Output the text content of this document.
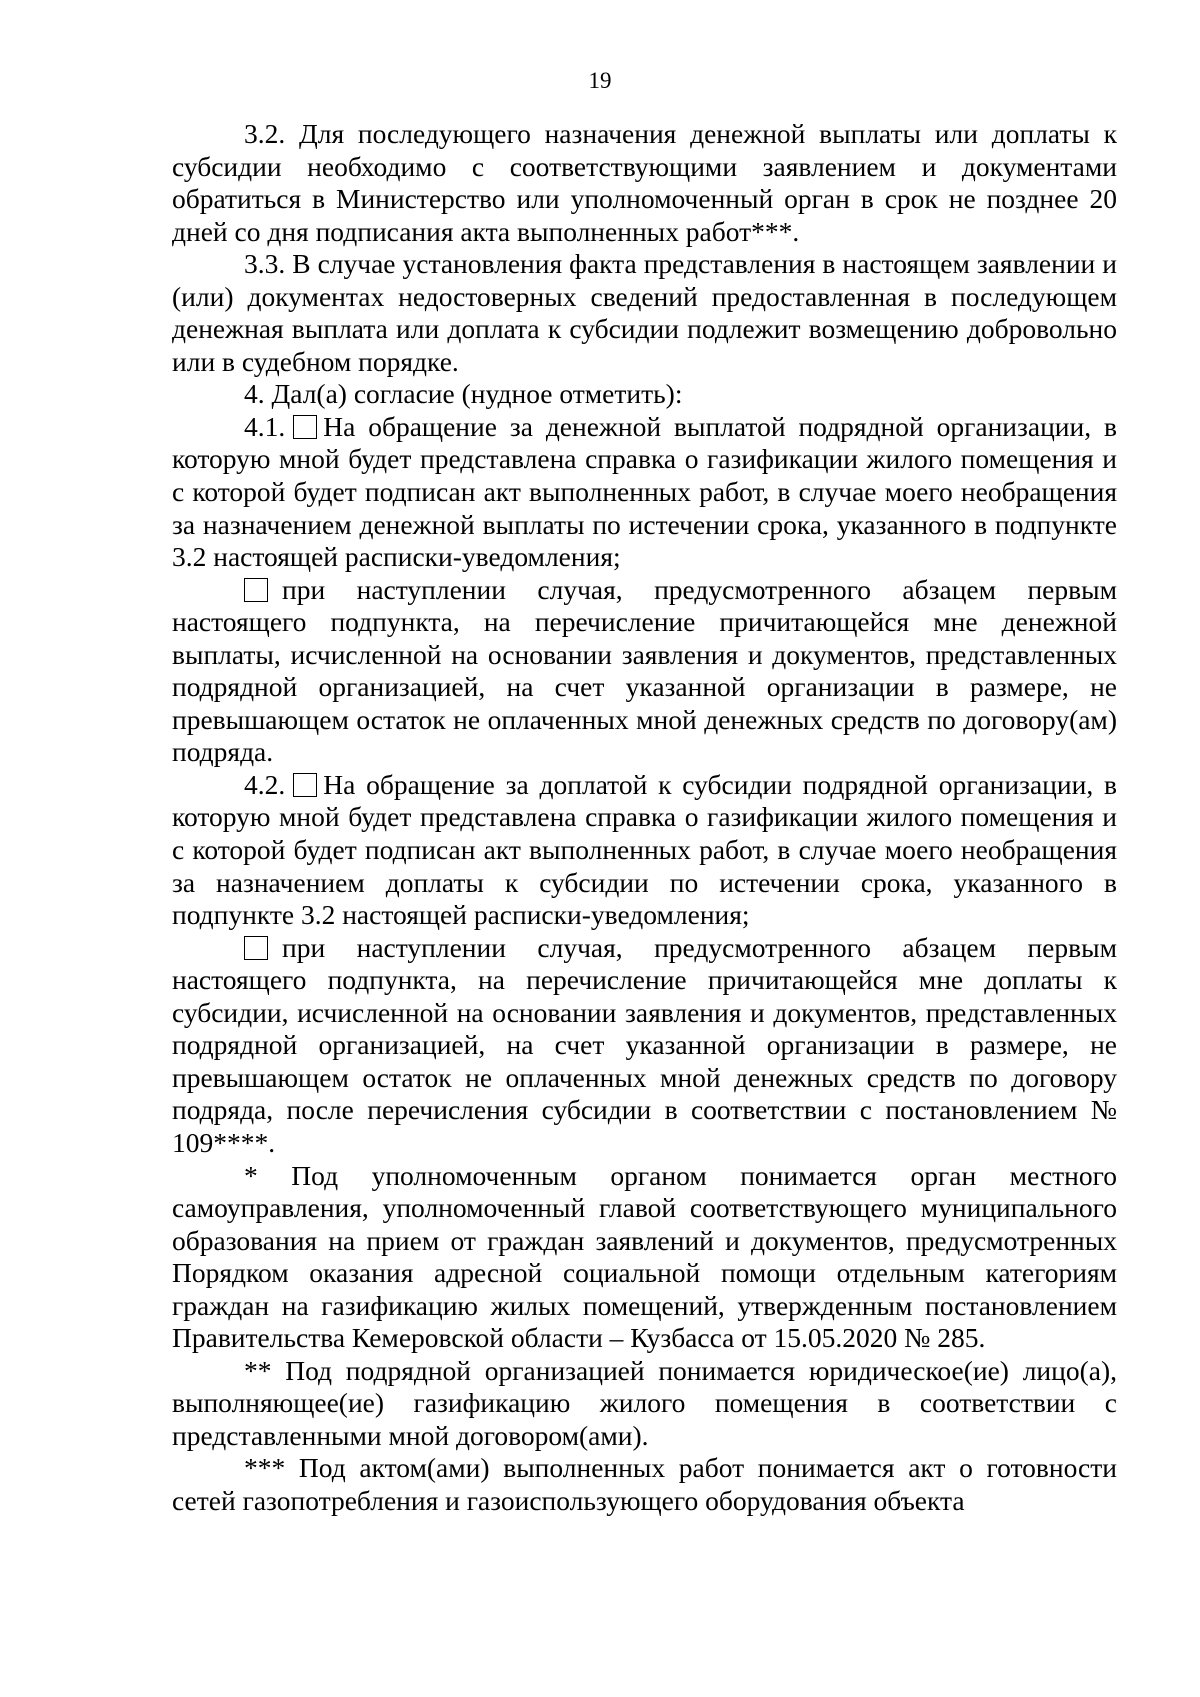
19

3.2. Для последующего назначения денежной выплаты или доплаты к субсидии необходимо с соответствующими заявлением и документами обратиться в Министерство или уполномоченный орган в срок не позднее 20 дней со дня подписания акта выполненных работ***.

3.3. В случае установления факта представления в настоящем заявлении и (или) документах недостоверных сведений предоставленная в последующем денежная выплата или доплата к субсидии подлежит возмещению добровольно или в судебном порядке.

4. Дал(а) согласие (нудное отметить):

4.1. На обращение за денежной выплатой подрядной организации, в которую мной будет представлена справка о газификации жилого помещения и с которой будет подписан акт выполненных работ, в случае моего необращения за назначением денежной выплаты по истечении срока, указанного в подпункте 3.2 настоящей расписки-уведомления;

при наступлении случая, предусмотренного абзацем первым настоящего подпункта, на перечисление причитающейся мне денежной выплаты, исчисленной на основании заявления и документов, представленных подрядной организацией, на счет указанной организации в размере, не превышающем остаток не оплаченных мной денежных средств по договору(ам) подряда.

4.2. На обращение за доплатой к субсидии подрядной организации, в которую мной будет представлена справка о газификации жилого помещения и с которой будет подписан акт выполненных работ, в случае моего необращения за назначением доплаты к субсидии по истечении срока, указанного в подпункте 3.2 настоящей расписки-уведомления;

при наступлении случая, предусмотренного абзацем первым настоящего подпункта, на перечисление причитающейся мне доплаты к субсидии, исчисленной на основании заявления и документов, представленных подрядной организацией, на счет указанной организации в размере, не превышающем остаток не оплаченных мной денежных средств по договору подряда, после перечисления субсидии в соответствии с постановлением № 109****.

* Под уполномоченным органом понимается орган местного самоуправления, уполномоченный главой соответствующего муниципального образования на прием от граждан заявлений и документов, предусмотренных Порядком оказания адресной социальной помощи отдельным категориям граждан на газификацию жилых помещений, утвержденным постановлением Правительства Кемеровской области – Кузбасса от 15.05.2020 № 285.

** Под подрядной организацией понимается юридическое(ие) лицо(а), выполняющее(ие) газификацию жилого помещения в соответствии с представленными мной договором(ами).

*** Под актом(ами) выполненных работ понимается акт о готовности сетей газопотребления и газоиспользующего оборудования объекта
